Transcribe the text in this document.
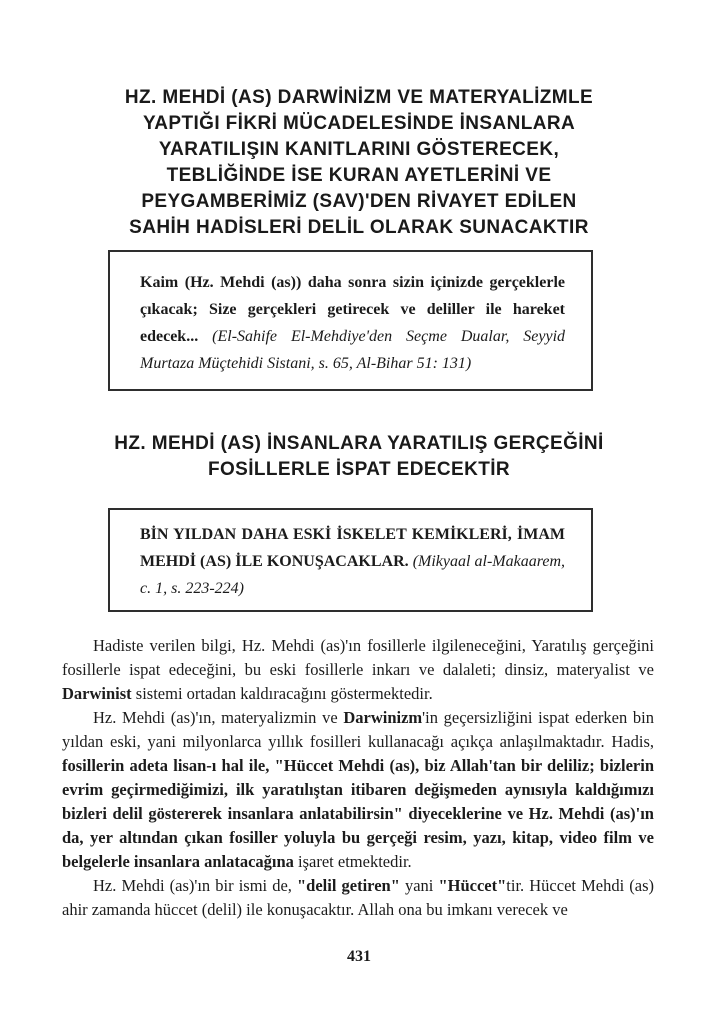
HZ. MEHDİ (AS) DARWİNİZM VE MATERYALİZMLE
YAPTIĞI FİKRİ MÜCADELESİNDE İNSANLARA
YARATILIŞIN KANITLARINI GÖSTERECEK,
TEBLİĞİNDE İSE KURAN AYETLERİNİ VE
PEYGAMBERİMİZ (SAV)'DEN RİVAYET EDİLEN
SAHİH HADİSLERİ DELİL OLARAK SUNACAKTIR

Kaim (Hz. Mehdi (as)) daha sonra sizin içinizde gerçeklerle çıkacak; Size gerçekleri getirecek ve deliller ile hareket edecek... (El-Sahife El-Mehdiye'den Seçme Dualar, Seyyid Murtaza Müçtehidi Sistani, s. 65, Al-Bihar 51: 131)

HZ. MEHDİ (AS) İNSANLARA YARATILIŞ GERÇEĞİNİ
FOSİLLERLE İSPAT EDECEKTİR

BİN YILDAN DAHA ESKİ İSKELET KEMİKLERİ, İMAM MEHDİ (AS) İLE KONUŞACAKLAR. (Mikyaal al-Makaarem, c. 1, s. 223-224)

Hadiste verilen bilgi, Hz. Mehdi (as)'ın fosillerle ilgileneceğini, Yaratılış gerçeğini fosillerle ispat edeceğini, bu eski fosillerle inkarı ve dalaleti; dinsiz, materyalist ve Darwinist sistemi ortadan kaldıracağını göstermektedir.

Hz. Mehdi (as)'ın, materyalizmin ve Darwinizm'in geçersizliğini ispat ederken bin yıldan eski, yani milyonlarca yıllık fosilleri kullanacağı açıkça anlaşılmaktadır. Hadis, fosillerin adeta lisan-ı hal ile, "Hüccet Mehdi (as), biz Allah'tan bir deliliz; bizlerin evrim geçirmediğimizi, ilk yaratılıştan itibaren değişmeden aynısıyla kaldığımızı bizleri delil göstererek insanlara anlatabilirsin" diyeceklerine ve Hz. Mehdi (as)'ın da, yer altından çıkan fosiller yoluyla bu gerçeği resim, yazı, kitap, video film ve belgelerle insanlara anlatacağına işaret etmektedir.

Hz. Mehdi (as)'ın bir ismi de, "delil getiren" yani "Hüccet"tir. Hüccet Mehdi (as) ahir zamanda hüccet (delil) ile konuşacaktır. Allah ona bu imkanı verecek ve

431
